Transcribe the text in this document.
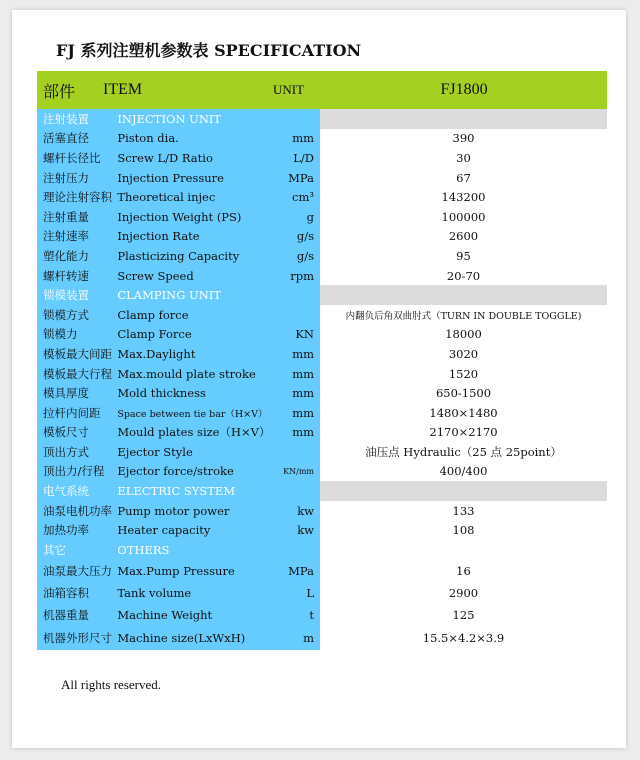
FJ 系列注塑机参数表 SPECIFICATION
部件	ITEM	UNIT	FJ1800
注射装置	INJECTION UNIT
活塞直径	Piston dia.	mm	390
螺杆长径比	Screw L/D Ratio	L/D	30
注射压力	Injection Pressure	MPa	67
理论注射容积 Theoretical injec	cm³	143200
注射重量	Injection Weight (PS)	g	100000
注射速率	Injection Rate	g/s	2600
塑化能力	Plasticizing Capacity	g/s	95
螺杆转速	Screw Speed	rpm	20-70
锁模装置	CLAMPING UNIT
锁模方式	Clamp force	内翻负后角双曲肘式（TURN IN DOUBLE TOGGLE)
锁模力	Clamp Force	KN	18000
模板最大间距 Max.Daylight	mm	3020
模板最大行程 Max.mould plate stroke	mm	1520
模具厚度	Mold thickness	mm	650-1500
拉杆内间距	Space between tie bar（H×V）	mm	1480×1480
模板尺寸	Mould plates size（H×V）	mm	2170×2170
顶出方式	Ejector Style	油压点 Hydraulic（25 点 25point）
顶出力/行程	Ejector force/stroke	KN/mm	400/400
电气系统	ELECTRIC SYSTEM
油泵电机功率 Pump motor power	kw	133
加热功率	Heater capacity	kw	108
其它	OTHERS
油泵最大压力 Max.Pump Pressure	MPa	16
油箱容积	Tank volume	L	2900
机器重量	Machine Weight	t	125
机器外形尺寸 Machine size(LxWxH)	m	15.5×4.2×3.9
All rights reserved.
